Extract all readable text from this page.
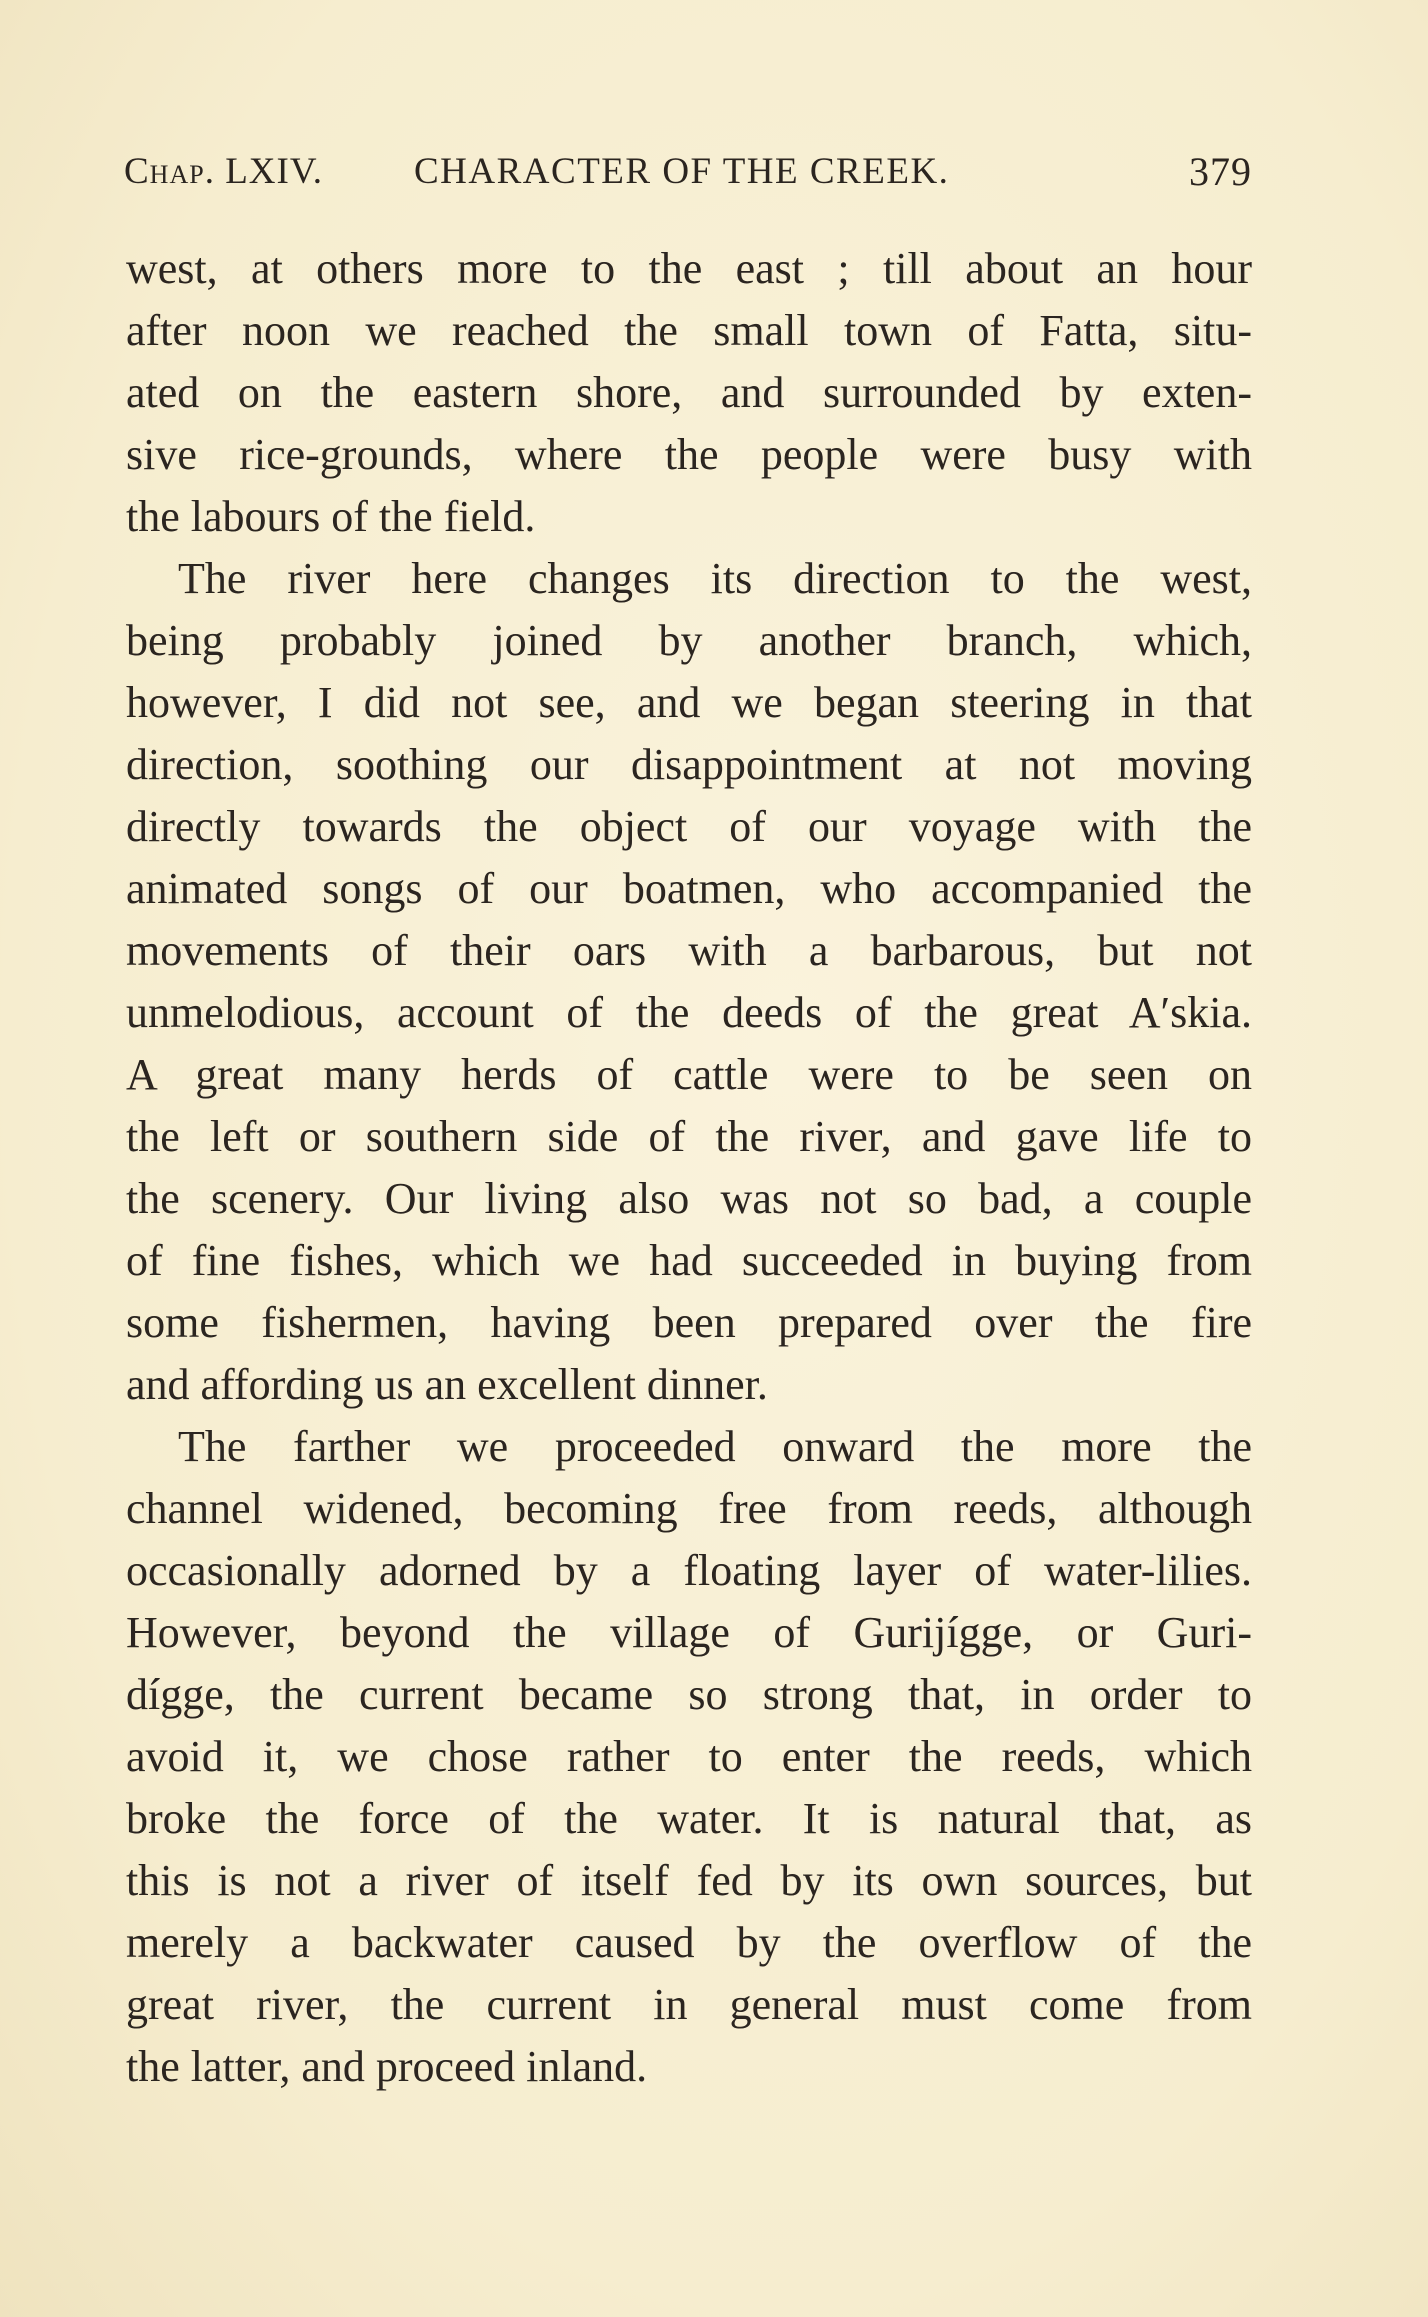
Chap. LXIV. CHARACTER OF THE CREEK.	379
west, at others more to the east ; till about an hour
after noon we reached the small town of Fatta, situ-
ated on the eastern shore, and surrounded by exten-
sive rice-grounds, where the people were busy with
the labours of the field.
The river here changes its direction to the west,
being probably joined by another branch, which,
however, I did not see, and we began steering in that
direction, soothing our disappointment at not moving
directly towards the object of our voyage with the
animated songs of our boatmen, who accompanied the
movements of their oars with a barbarous, but not
unmelodious, account of the deeds of the great A′skia.
A great many herds of cattle were to be seen on
the left or southern side of the river, and gave life to
the scenery. Our living also was not so bad, a couple
of fine fishes, which we had succeeded in buying from
some fishermen, having been prepared over the fire
and affording us an excellent dinner.
The farther we proceeded onward the more the
channel widened, becoming free from reeds, although
occasionally adorned by a floating layer of water-lilies.
However, beyond the village of Gurijígge, or Guri-
dígge, the current became so strong that, in order to
avoid it, we chose rather to enter the reeds, which
broke the force of the water. It is natural that, as
this is not a river of itself fed by its own sources, but
merely a backwater caused by the overflow of the
great river, the current in general must come from
the latter, and proceed inland.
